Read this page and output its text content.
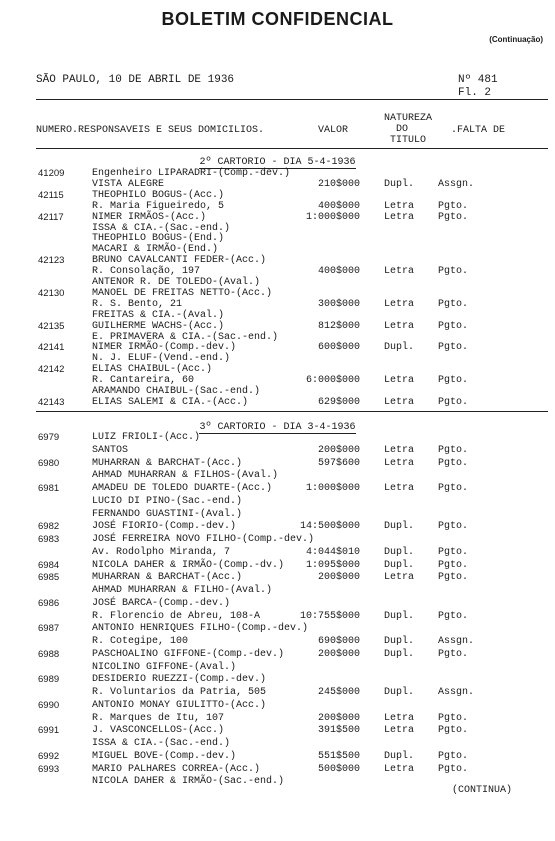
BOLETIM CONFIDENCIAL
(Continuação)
SÃO PAULO, 10 DE ABRIL DE 1936	Nº 481
Fl. 2
NUMERO.RESPONSAVEIS E SEUS DOMICILIOS.	VALOR
NATUREZA
DO
TITULO
.FALTA DE
2º CARTORIO - DIA 5-4-1936
41209	Engenheiro LIPARADRI-(Comp.-dev.)
VISTA ALEGRE	210$000 Dupl. Assgn.
42115	THEOPHILO BOGUS-(Acc.)
R. Maria Figueiredo, 5	400$000 Letra Pgto.
42117	NIMER IRMÃOS-(Acc.)	1:000$000 Letra Pgto.
ISSA & CIA.-(Sac.-end.)
THEOPHILO BOGUS-(End.)
MACARI & IRMÃO-(End.)
42123	BRUNO CAVALCANTI FEDER-(Acc.)
R. Consolação, 197	400$000 Letra Pgto.
ANTENOR R. DE TOLEDO-(Aval.)
42130	MANOEL DE FREITAS NETTO-(Acc.)
R. S. Bento, 21	300$000 Letra Pgto.
FREITAS & CIA.-(Aval.)
42135	GUILHERME WACHS-(Acc.)	812$000 Letra Pgto.
E. PRIMAVERA & CIA.-(Sac.-end.)
42141	NIMER IRMÃO-(Comp.-dev.)	600$000 Dupl. Pgto.
N. J. ELUF-(Vend.-end.)
42142	ELIAS CHAIBUL-(Acc.)
R. Cantareira, 60	6:000$000 Letra Pgto.
ARAMANDO CHAIBUL-(Sac.-end.)
42143	ELIAS SALEMI & CIA.-(Acc.)	629$000 Letra Pgto.
3º CARTORIO - DIA 3-4-1936
6979	LUIZ FRIOLI-(Acc.)
SANTOS	200$000 Letra Pgto.
6980	MUHARRAN & BARCHAT-(Acc.)	597$600 Letra Pgto.
AHMAD MUHARRAN & FILHOS-(Aval.)
6981	AMADEU DE TOLEDO DUARTE-(Acc.)	1:000$000 Letra Pgto.
LUCIO DI PINO-(Sac.-end.)
FERNANDO GUASTINI-(Aval.)
6982	JOSÉ FIORIO-(Comp.-dev.)	14:500$000 Dupl. Pgto.
6983	JOSÉ FERREIRA NOVO FILHO-(Comp.-dev.)
Av. Rodolpho Miranda, 7	4:044$010 Dupl. Pgto.
6984	NICOLA DAHER & IRMÃO-(Comp.-dv.) 1:095$000 Dupl. Pgto.
6985	MUHARRAN & BARCHAT-(Acc.)	200$000 Letra Pgto.
AHMAD MUHARRAN & FILHO-(Aval.)
6986	JOSÉ BARCA-(Comp.-dev.)
R. Florencio de Abreu, 108-A	10:755$000 Dupl. Pgto.
6987	ANTONIO HENRIQUES FILHO-(Comp.-dev.)
R. Cotegipe, 100	690$000 Dupl. Assgn.
6988	PASCHOALINO GIFFONE-(Comp.-dev.)	200$000 Dupl. Pgto.
NICOLINO GIFFONE-(Aval.)
6989	DESIDERIO RUEZZI-(Comp.-dev.)
R. Voluntarios da Patria, 505	245$000 Dupl. Assgn.
6990	ANTONIO MONAY GIULITTO-(Acc.)
R. Marques de Itu, 107	200$000 Letra Pgto.
6991	J. VASCONCELLOS-(Acc.)	391$500 Letra Pgto.
ISSA & CIA.-(Sac.-end.)
6992	MIGUEL BOVE-(Comp.-dev.)	551$500 Dupl. Pgto.
6993	MARIO PALHARES CORREA-(Acc.)	500$000 Letra Pgto.
NICOLA DAHER & IRMÃO-(Sac.-end.)
(CONTINUA)
